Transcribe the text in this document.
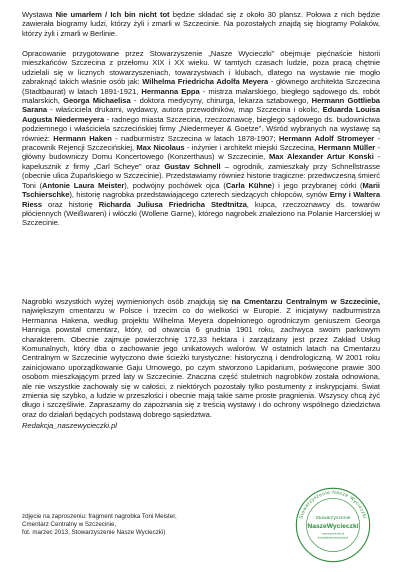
Wystawa Nie umarłem / Ich bin nicht tot będzie składać się z około 30 plansz. Połowa z nich będzie zawierała biogramy ludzi, którzy żyli i zmarli w Szczecinie. Na pozostałych znajdą się biogramy Polaków, którzy żyli i zmarli w Berlinie.

Opracowanie przygotowane przez Stowarzyszenie „Nasze Wycieczki” obejmuje pięćnaście historii mieszkańców Szczecina z przełomu XIX i XX wieku. W tamtych czasach ludzie, poza pracą chętnie udzielali się w licznych stowarzyszeniach, towarzystwach i klubach, dlatego na wystawie nie mogło zabraknąć takich właśnie osób jak: Wilhelma Friedricha Adolfa Meyera - głównego architekta Szczecina (Stadtbaurat) w latach 1891-1921, Hermanna Eppa - mistrza malarskiego, biegłego sądowego ds. robót malarskich, Georga Michaelisa - doktora medycyny, chirurga, lekarza sztabowego, Hermann Gottlieba Sarana - właściciela drukarni, wydawcy, autora przewodników, map Szczecina i okolic, Eduarda Louisa Augusta Niedermeyera - radnego miasta Szczecina, rzeczoznawcę, biegłego sądowego ds. budownictwa podziemnego i właściciela szczecińskiej firmy „Niedermeyer & Goetze”. Wśród wybranych na wystawę są również: Hermann Haken - nadburmistrz Szczecina w latach 1878-1907; Hermann Adolf Stromeyer - pracownik Rejencji Szczecińskiej, Max Nicolaus - inżynier i architekt miejski Szczecina, Hermann Müller - główny budowniczy Domu Koncertowego (Konzerthaus) w Szczecinie, Max Alexander Artur Konski - kapelusznik z firmy „Carl Scheye” oraz Gustav Schnell – ogrodnik, zamieszkały przy Schnellstrasse (obecnie ulica Żupańskiego w Szczecinie). Przedstawiamy również historie tragiczne: przedwczesną śmierć Toni (Antonie Laura Meister), podwójny pochówek ojca (Carla Kühne) i jego przybranej córki (Marii Tschierschke), historię nagrobka przedstawiającego czterech siedzących chłopców, synów Erny i Waltera Riess oraz historię Richarda Juliusa Friedricha Stedtnitza, kupca, rzeczoznawcy ds. towarów płóciennych (Weißwaren) i włóczki (Wollene Garne), którego nagrobek znaleziono na Polanie Harcerskiej w Szczecinie.

Nagrobki wszystkich wyżej wymienionych osób znajdują się na Cmentarzu Centralnym w Szczecinie, największym cmentarzu w Polsce i trzecim co do wielkości w Europie. Z inicjatywy nadburmistrza Hermanna Hakena, według projektu Wilhelma Meyera dopełnionego ogrodniczym geniuszem Georga Hanniga powstał cmentarz, który, od otwarcia 6 grudnia 1901 roku, zachwyca swoim parkowym charakterem. Obecnie zajmuje powierzchnię 172,33 hektara i zarządzany jest przez Zakład Usług Komunalnych, który dba o zachowanie jego unikatowych walorów. W ostatnich latach na Cmentarzu Centralnym w Szczecinie wytyczono dwie ścieżki turystyczne: historyczną i dendrologiczną. W 2001 roku zainicjowano uporządkowanie Gaju Urnowego, po czym stworzono Lapidarium, poświęcone prawie 300 osobom mieszkającym przed laty w Szczecinie. Znaczna część stuletnich nagrobków została odnowiona, ale nie wszystkie zachowały się w całości, z niektórych pozostały tylko postumenty z inskrypcjami. Świat zmienia się szybko, a ludzie w przeszłości i obecnie mają takie same proste pragnienia. Wszyscy chcą żyć długo i szczęśliwie. Zapraszamy do zapoznania się z treścią wystawy i do ochrony wspólnego dziedzictwa oraz do działań będących podstawą dobrego sąsiedztwa.

Redakcja_naszewycieczki.pl

zdjęcie na zaproszeniu: fragment nagrobka Toni Meister,
Cmentarz Centralny w Szczecinie,
fot. marzec 2013, Stowarzyszenie Nasze Wycieczki)
Stowarzyszenie Nasze Wycieczki
Stowarzyszenie
NaszeWycieczki
naszewycieczki.pl
kontakt@naszewycieczki.pl
